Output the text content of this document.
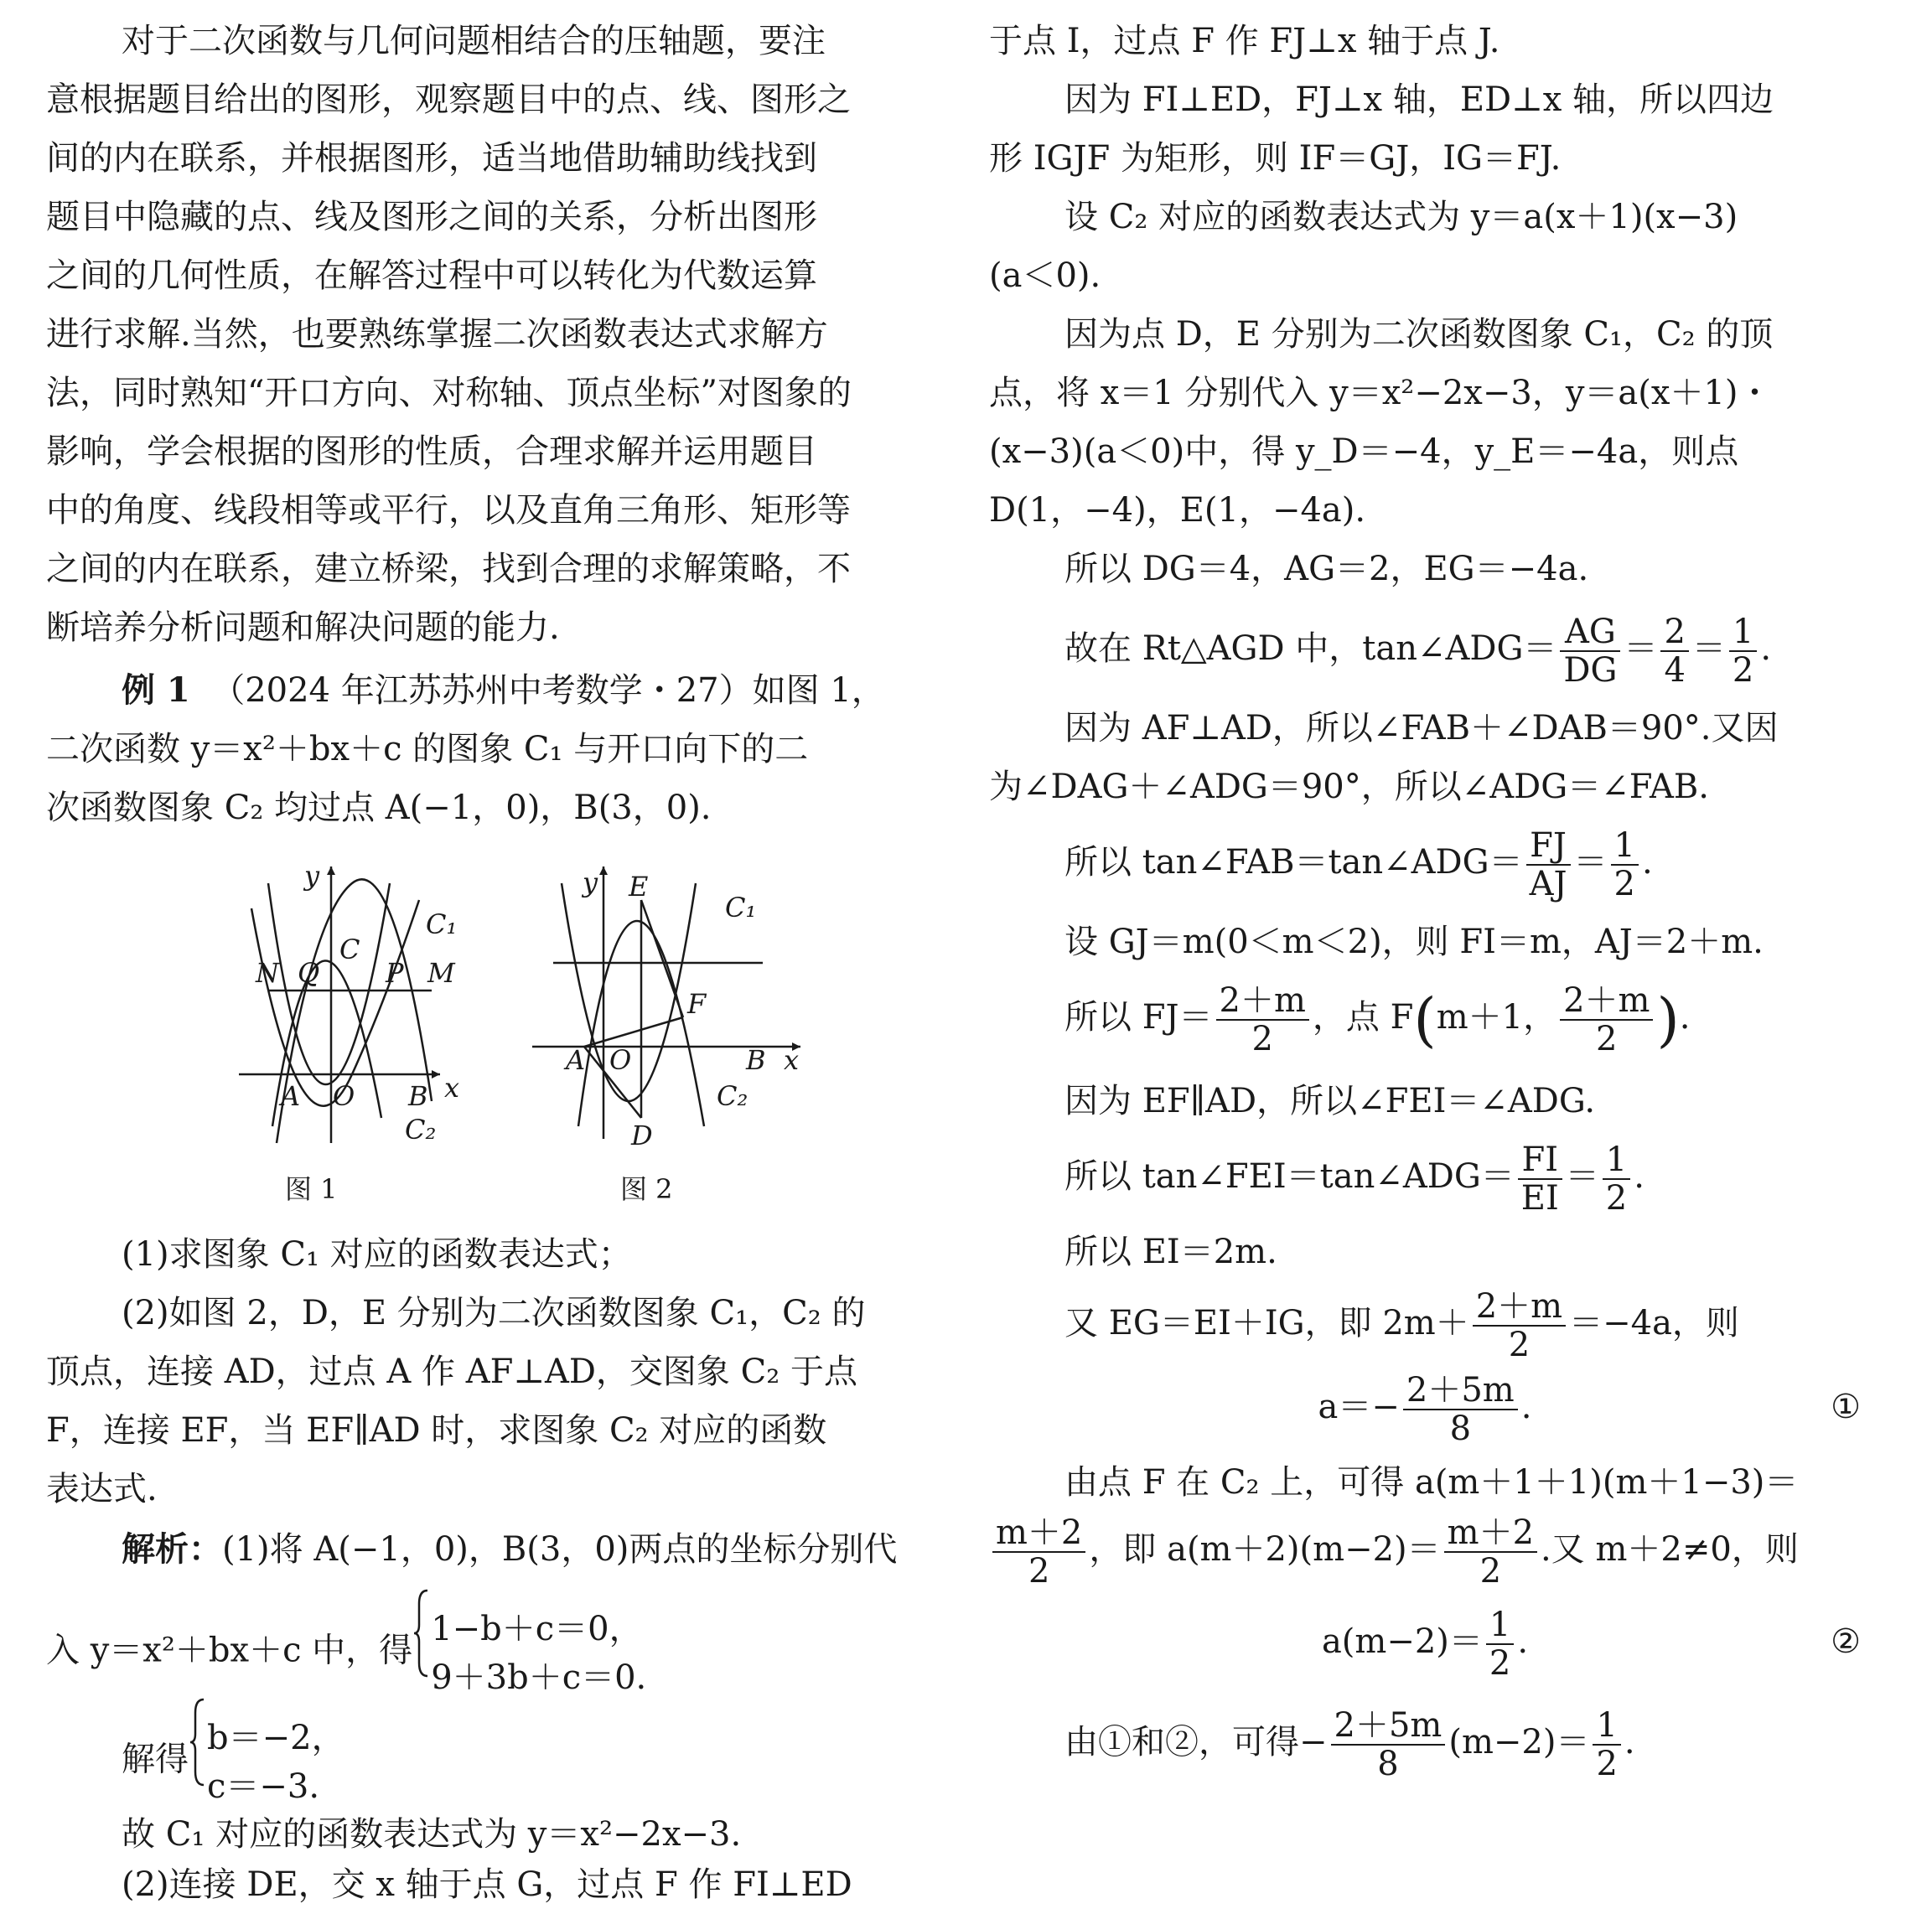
对于二次函数与几何问题相结合的压轴题，要注
意根据题目给出的图形，观察题目中的点、线、图形之
间的内在联系，并根据图形，适当地借助辅助线找到
题目中隐藏的点、线及图形之间的关系，分析出图形
之间的几何性质，在解答过程中可以转化为代数运算
进行求解.当然，也要熟练掌握二次函数表达式求解方
法，同时熟知“开口方向、对称轴、顶点坐标”对图象的
影响，学会根据的图形的性质，合理求解并运用题目
中的角度、线段相等或平行，以及直角三角形、矩形等
之间的内在联系，建立桥梁，找到合理的求解策略，不
断培养分析问题和解决问题的能力.
例 1 （2024 年江苏苏州中考数学・27）如图 1，
二次函数 y＝x²＋bx＋c 的图象 C₁ 与开口向下的二
次函数图象 C₂ 均过点 A(−1，0)，B(3，0).
y
x
A O B
C
N Q P M
C₁
C₂
图 1
y
x
A O	B
E
F
D
C₁
C₂
图 2
(1)求图象 C₁ 对应的函数表达式；
(2)如图 2，D，E 分别为二次函数图象 C₁，C₂ 的
顶点，连接 AD，过点 A 作 AF⊥AD，交图象 C₂ 于点
F，连接 EF，当 EF∥AD 时，求图象 C₂ 对应的函数
表达式.
解析：(1)将 A(−1，0)，B(3，0)两点的坐标分别代
入 y＝x²＋bx＋c 中，得
1−b＋c＝0，
9＋3b＋c＝0.
解得
b＝−2，
c＝−3.
故 C₁ 对应的函数表达式为 y＝x²−2x−3.
(2)连接 DE，交 x 轴于点 G，过点 F 作 FI⊥ED
于点 I，过点 F 作 FJ⊥x 轴于点 J.
因为 FI⊥ED，FJ⊥x 轴，ED⊥x 轴，所以四边
形 IGJF 为矩形，则 IF＝GJ，IG＝FJ.
设 C₂ 对应的函数表达式为 y＝a(x＋1)(x−3)
(a＜0).
因为点 D，E 分别为二次函数图象 C₁，C₂ 的顶
点，将 x＝1 分别代入 y＝x²−2x−3，y＝a(x＋1)・
(x−3)(a＜0)中，得 y_D＝−4，y_E＝−4a，则点
D(1，−4)，E(1，−4a).
所以 DG＝4，AG＝2，EG＝−4a.
故在 Rt△AGD 中，tan∠ADG＝ $\frac{AG}{DG} = \frac{2}{4} = \frac{1}{2}$ .
因为 AF⊥AD，所以∠FAB＋∠DAB＝90°.又因
为∠DAG＋∠ADG＝90°，所以∠ADG＝∠FAB.
所以 tan∠FAB＝tan∠ADG＝ $\frac{FJ}{AJ} = \frac{1}{2}$ .
设 GJ＝m(0＜m＜2)，则 FI＝m，AJ＝2＋m.
所以 $FJ= \frac{2+m}{2}$ ，点 F(m＋1， $\frac{2+m}{2}$ ).
因为 EF∥AD，所以∠FEI＝∠ADG.
所以 tan∠FEI＝tan∠ADG＝ $\frac{FI}{EI} = \frac{1}{2}$ .
所以 EI＝2m.
又 EG＝EI＋IG，即 $2m+ \frac{2+m}{2} =-4a$，则
$a=- \frac{2+5m}{8}$ .	①
由点 F 在 C₂ 上，可得 a(m＋1＋1)(m＋1−3)＝
$\frac{m+2}{2}$ ，即 $a(m+2)(m-2)= \frac{m+2}{2}$ .又 m＋2≠0，则
$a(m-2)= \frac{1}{2}$ .	②
由①和②，可得− $\frac{2+5m}{8} (m-2)= \frac{1}{2}$ .
